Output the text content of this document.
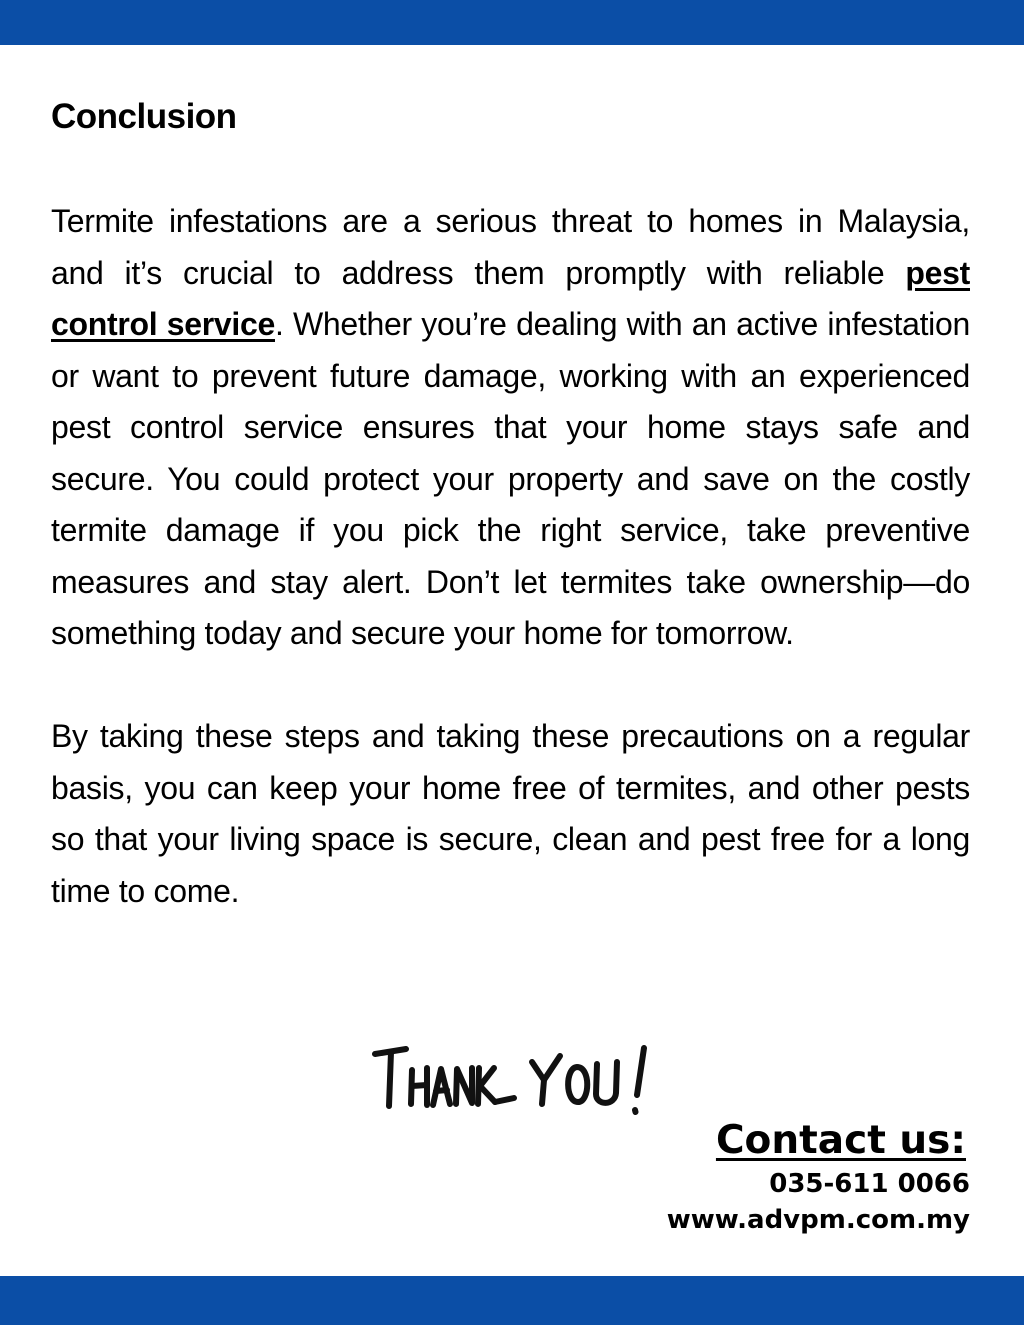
Conclusion

Termite infestations are a serious threat to homes in Malaysia, and it’s crucial to address them promptly with reliable pest control service. Whether you’re dealing with an active infestation or want to prevent future damage, working with an experienced pest control service ensures that your home stays safe and secure. You could protect your property and save on the costly termite damage if you pick the right service, take preventive measures and stay alert. Don’t let termites take ownership—do something today and secure your home for tomorrow.

By taking these steps and taking these precautions on a regular basis, you can keep your home free of termites, and other pests so that your living space is secure, clean and pest free for a long time to come.

Contact us:
035-611 0066
www.advpm.com.my
